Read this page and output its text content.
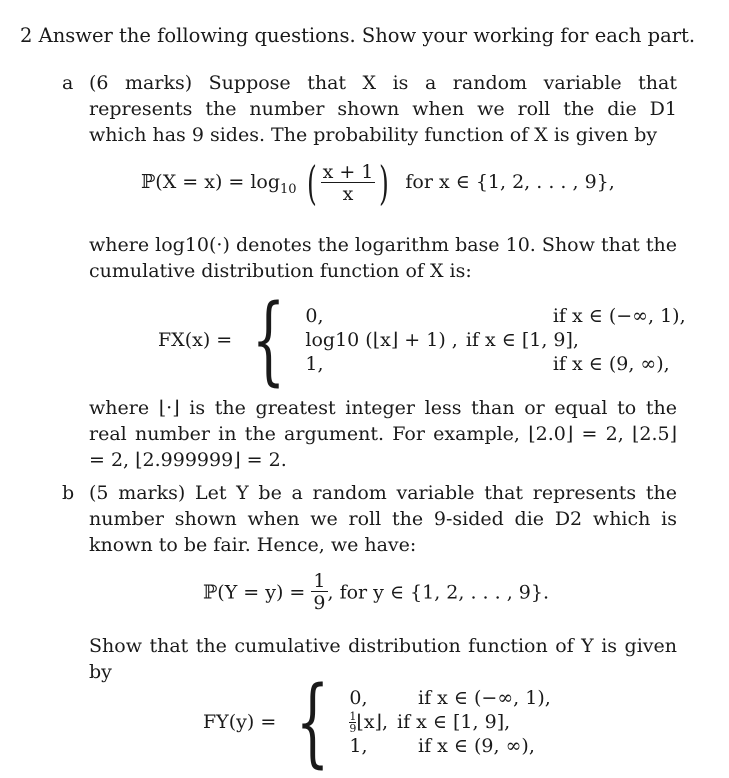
2 Answer the following questions. Show your working for each part.
a (6 marks) Suppose that X is a random variable that represents the number shown when we roll the die D1 which has 9 sides. The probability function of X is given by
ℙ(X = $x) = \log_{10}$ ( $\frac{x + 1}{x}$ ) for x ∈ {1, 2, . . . , 9},
where log10(·) denotes the logarithm base 10. Show that the cumulative distribution function of X is:
FX(x) = { 0,	if x ∈ (−∞, 1),
log10 (⌊x⌋ + 1) ,	if x ∈ [1, 9],
1,	if x ∈ (9, ∞),
where ⌊·⌋ is the greatest integer less than or equal to the real number in the argument. For example, ⌊2.0⌋ = 2, ⌊2.5⌋ = 2, ⌊2.999999⌋ = 2.
b (5 marks) Let Y be a random variable that represents the number shown when we roll the 9-sided die D2 which is known to be fair. Hence, we have:
ℙ(Y = $y) = \frac{1}{9}$ , for y ∈ {1, 2, . . . , 9}.
Show that the cumulative distribution function of Y is given by
FY(y) = { 0,	if x ∈ (−∞, 1),

$\frac{1}{9}$ ⌊x⌋,	if x ∈ [1, 9],
1,	if x ∈ (9, ∞),
